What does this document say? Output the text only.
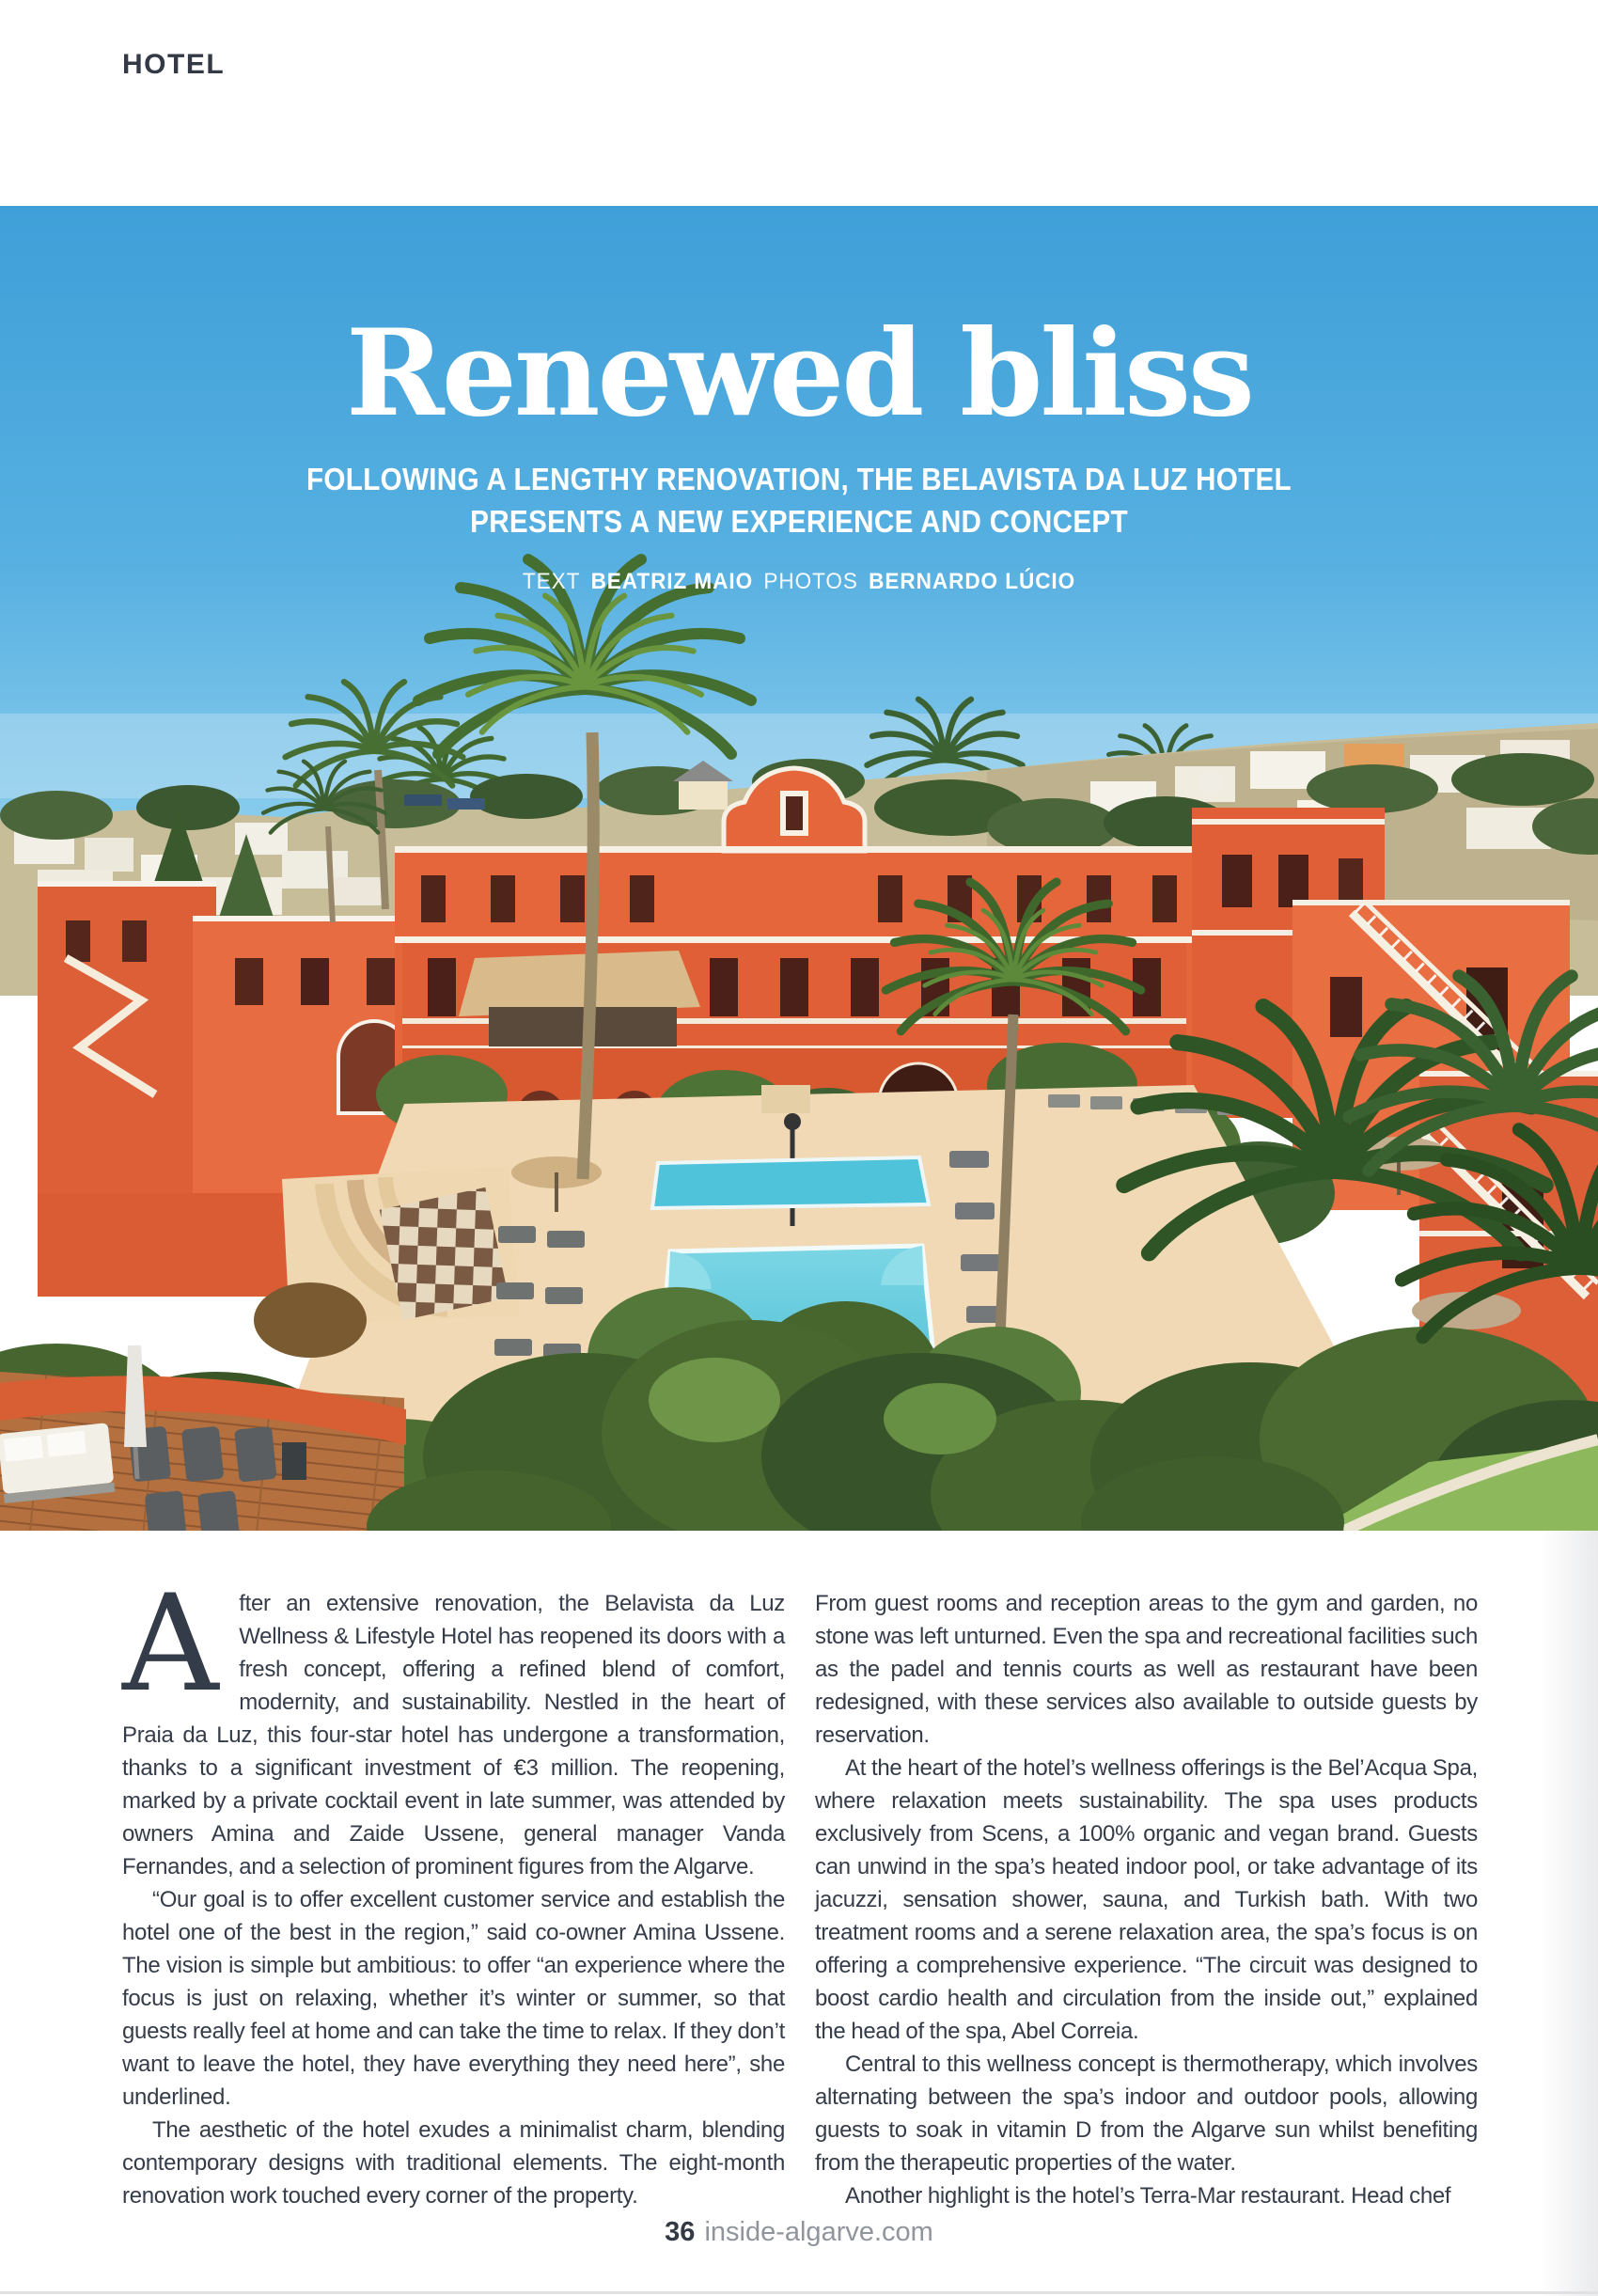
HOTEL
Renewed bliss
FOLLOWING A LENGTHY RENOVATION, THE BELAVISTA DA LUZ HOTEL
PRESENTS A NEW EXPERIENCE AND CONCEPT
TEXT BEATRIZ MAIO PHOTOS BERNARDO LÚCIO

After an extensive renovation, the Belavista da Luz Wellness & Lifestyle Hotel has reopened its doors with a fresh concept, offering a refined blend of comfort, modernity, and sustainability. Nestled in the heart of Praia da Luz, this four-star hotel has undergone a transformation, thanks to a significant investment of €3 million. The reopening, marked by a private cocktail event in late summer, was attended by owners Amina and Zaide Ussene, general manager Vanda Fernandes, and a selection of prominent figures from the Algarve.

“Our goal is to offer excellent customer service and establish the hotel one of the best in the region,” said co-owner Amina Ussene. The vision is simple but ambitious: to offer “an experience where the focus is just on relaxing, whether it’s winter or summer, so that guests really feel at home and can take the time to relax. If they don’t want to leave the hotel, they have everything they need here”, she underlined.

The aesthetic of the hotel exudes a minimalist charm, blending contemporary designs with traditional elements. The eight-month renovation work touched every corner of the property.

From guest rooms and reception areas to the gym and garden, no stone was left unturned. Even the spa and recreational facilities such as the padel and tennis courts as well as restaurant have been redesigned, with these services also available to outside guests by reservation.

At the heart of the hotel’s wellness offerings is the Bel’Acqua Spa, where relaxation meets sustainability. The spa uses products exclusively from Scens, a 100% organic and vegan brand. Guests can unwind in the spa’s heated indoor pool, or take advantage of its jacuzzi, sensation shower, sauna, and Turkish bath. With two treatment rooms and a serene relaxation area, the spa’s focus is on offering a comprehensive experience. “The circuit was designed to boost cardio health and circulation from the inside out,” explained the head of the spa, Abel Correia.

Central to this wellness concept is thermotherapy, which involves alternating between the spa’s indoor and outdoor pools, allowing guests to soak in vitamin D from the Algarve sun whilst benefiting from the therapeutic properties of the water.

Another highlight is the hotel’s Terra-Mar restaurant. Head chef

36 inside-algarve.com
